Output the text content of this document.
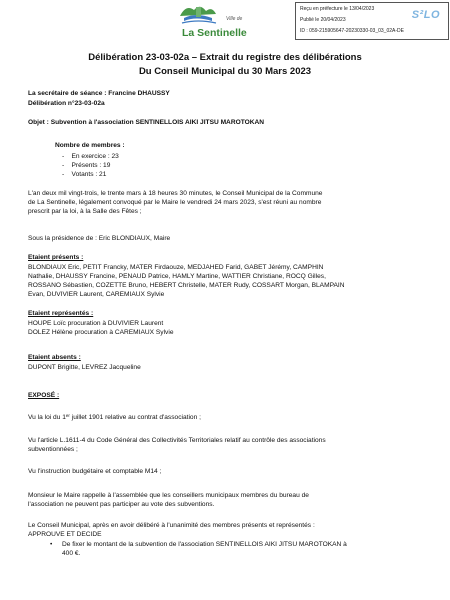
Ville de
La Sentinelle
Reçu en préfecture le 13/04/2023
Publié le 20/04/2023
ID : 059-215905647-20230330-03_03_02A-DE
S²LO
Délibération 23-03-02a – Extrait du registre des délibérations
Du Conseil Municipal du 30 Mars 2023
La secrétaire de séance : Francine DHAUSSY
Délibération n°23-03-02a
Objet : Subvention à l'association SENTINELLOIS AIKI JITSU MAROTOKAN
Nombre de membres :
-    En exercice : 23
-    Présents : 19
-    Votants : 21
L'an deux mil vingt-trois, le trente mars à 18 heures 30 minutes, le Conseil Municipal de la Commune
de La Sentinelle, légalement convoqué par le Maire le vendredi 24 mars 2023, s'est réuni au nombre
prescrit par la loi, à la Salle des Fêtes ;
Sous la présidence de : Eric BLONDIAUX, Maire
Etaient présents :
BLONDIAUX Eric, PETIT Francky, MATER Firdaouze, MEDJAHED Farid, GABET Jérémy, CAMPHIN
Nathalie, DHAUSSY Francine, PENAUD Patrice, HAMLY Martine, WATTIER Christiane, ROCQ Gilles,
ROSSANO Sébastien, COZETTE Bruno, HEBERT Christelle, MATER Rudy, COSSART Morgan, BLAMPAIN
Evan, DUVIVIER Laurent, CAREMIAUX Sylvie
Etaient représentés :
HOUPE Loïc procuration à DUVIVIER Laurent
DOLEZ Hélène procuration à CAREMIAUX Sylvie
Etaient absents :
DUPONT Brigitte, LEVREZ Jacqueline
EXPOSÉ :
Vu la loi du 1er juillet 1901 relative au contrat d'association ;
Vu l'article L.1611-4 du Code Général des Collectivités Territoriales relatif au contrôle des associations
subventionnées ;
Vu l'instruction budgétaire et comptable M14 ;
Monsieur le Maire rappelle à l'assemblée que les conseillers municipaux membres du bureau de
l'association ne peuvent pas participer au vote des subventions.
Le Conseil Municipal, après en avoir délibéré à l'unanimité des membres présents et représentés :
APPROUVE ET DECIDE
• De fixer le montant de la subvention de l'association SENTINELLOIS AIKI JITSU MAROTOKAN à
400 €.
